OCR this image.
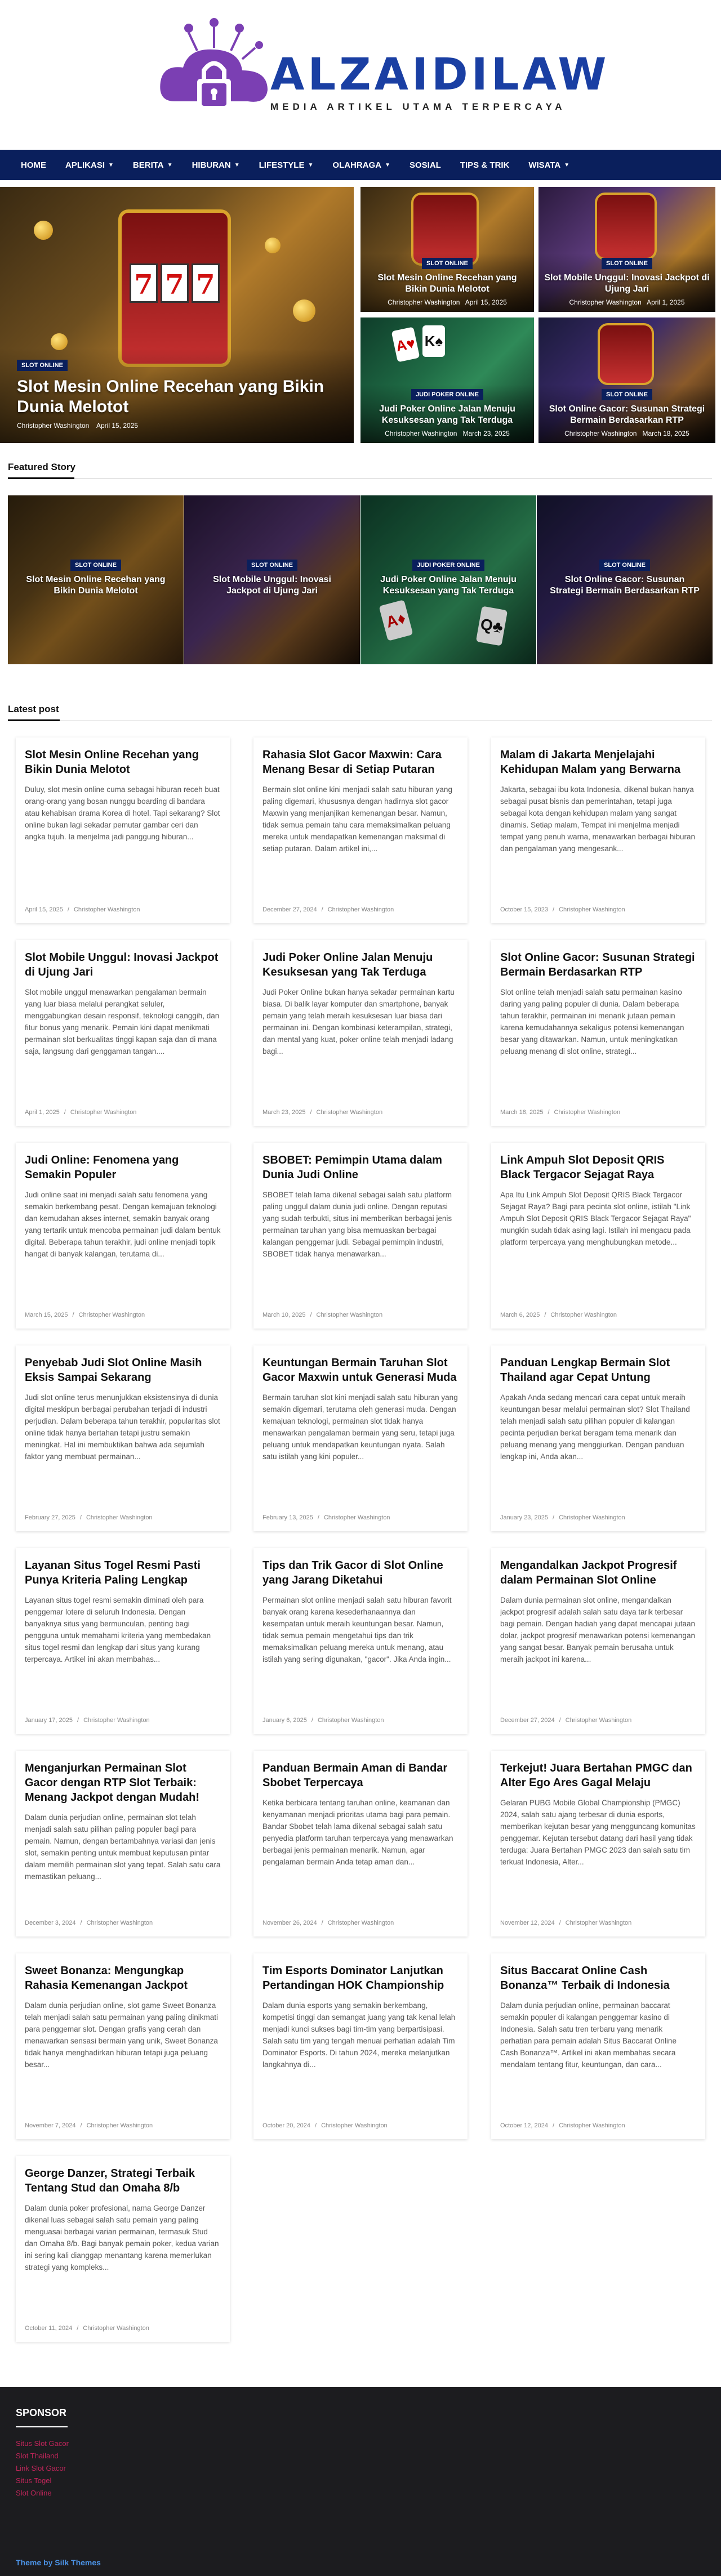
ALZAIDILAW
MEDIA ARTIKEL UTAMA TERPERCAYA
HOME APLIKASI ▼ BERITA ▼ HIBURAN ▼ LIFESTYLE ▼ OLAHRAGA ▼ SOSIAL TIPS & TRIK WISATA ▼
7 7 7
SLOT ONLINE
Slot Mesin Online Recehan yang Bikin Dunia Melotot
Christopher Washington April 15, 2025
SLOT ONLINE
Slot Mesin Online Recehan yang Bikin Dunia Melotot
Christopher Washington April 15, 2025
SLOT ONLINE
Slot Mobile Unggul: Inovasi Jackpot di Ujung Jari
Christopher Washington April 1, 2025
A♥ K♠
JUDI POKER ONLINE
Judi Poker Online Jalan Menuju Kesuksesan yang Tak Terduga
Christopher Washington March 23, 2025
SLOT ONLINE
Slot Online Gacor: Susunan Strategi Bermain Berdasarkan RTP
Christopher Washington March 18, 2025
Featured Story
SLOT ONLINE
Slot Mesin Online Recehan yang Bikin Dunia Melotot
SLOT ONLINE
Slot Mobile Unggul: Inovasi Jackpot di Ujung Jari
A♦	Q♣
JUDI POKER ONLINE
Judi Poker Online Jalan Menuju Kesuksesan yang Tak Terduga
SLOT ONLINE
Slot Online Gacor: Susunan Strategi Bermain Berdasarkan RTP
Latest post
Slot Mesin Online Recehan yang Bikin Dunia Melotot
Duluy, slot mesin online cuma sebagai hiburan receh buat orang-orang yang bosan nunggu boarding di bandara atau kehabisan drama Korea di hotel. Tapi sekarang? Slot online bukan lagi sekadar pemutar gambar ceri dan angka tujuh. Ia menjelma jadi panggung hiburan...
April 15, 2025 / Christopher Washington
Rahasia Slot Gacor Maxwin: Cara Menang Besar di Setiap Putaran
Bermain slot online kini menjadi salah satu hiburan yang paling digemari, khususnya dengan hadirnya slot gacor Maxwin yang menjanjikan kemenangan besar. Namun, tidak semua pemain tahu cara memaksimalkan peluang mereka untuk mendapatkan kemenangan maksimal di setiap putaran. Dalam artikel ini,...
December 27, 2024 / Christopher Washington
Malam di Jakarta Menjelajahi Kehidupan Malam yang Berwarna
Jakarta, sebagai ibu kota Indonesia, dikenal bukan hanya sebagai pusat bisnis dan pemerintahan, tetapi juga sebagai kota dengan kehidupan malam yang sangat dinamis. Setiap malam, Tempat ini menjelma menjadi tempat yang penuh warna, menawarkan berbagai hiburan dan pengalaman yang mengesank...
October 15, 2023 / Christopher Washington
Slot Mobile Unggul: Inovasi Jackpot di Ujung Jari
Slot mobile unggul menawarkan pengalaman bermain yang luar biasa melalui perangkat seluler, menggabungkan desain responsif, teknologi canggih, dan fitur bonus yang menarik. Pemain kini dapat menikmati permainan slot berkualitas tinggi kapan saja dan di mana saja, langsung dari genggaman tangan....
April 1, 2025 / Christopher Washington
Judi Poker Online Jalan Menuju Kesuksesan yang Tak Terduga
Judi Poker Online bukan hanya sekadar permainan kartu biasa. Di balik layar komputer dan smartphone, banyak pemain yang telah meraih kesuksesan luar biasa dari permainan ini. Dengan kombinasi keterampilan, strategi, dan mental yang kuat, poker online telah menjadi ladang bagi...
March 23, 2025 / Christopher Washington
Slot Online Gacor: Susunan Strategi Bermain Berdasarkan RTP
Slot online telah menjadi salah satu permainan kasino daring yang paling populer di dunia. Dalam beberapa tahun terakhir, permainan ini menarik jutaan pemain karena kemudahannya sekaligus potensi kemenangan besar yang ditawarkan. Namun, untuk meningkatkan peluang menang di slot online, strategi...
March 18, 2025 / Christopher Washington
Judi Online: Fenomena yang Semakin Populer
Judi online saat ini menjadi salah satu fenomena yang semakin berkembang pesat. Dengan kemajuan teknologi dan kemudahan akses internet, semakin banyak orang yang tertarik untuk mencoba permainan judi dalam bentuk digital. Beberapa tahun terakhir, judi online menjadi topik hangat di banyak kalangan, terutama di...
March 15, 2025 / Christopher Washington
SBOBET: Pemimpin Utama dalam Dunia Judi Online
SBOBET telah lama dikenal sebagai salah satu platform paling unggul dalam dunia judi online. Dengan reputasi yang sudah terbukti, situs ini memberikan berbagai jenis permainan taruhan yang bisa memuaskan berbagai kalangan penggemar judi. Sebagai pemimpin industri, SBOBET tidak hanya menawarkan...
March 10, 2025 / Christopher Washington
Link Ampuh Slot Deposit QRIS Black Tergacor Sejagat Raya
Apa Itu Link Ampuh Slot Deposit QRIS Black Tergacor Sejagat Raya? Bagi para pecinta slot online, istilah "Link Ampuh Slot Deposit QRIS Black Tergacor Sejagat Raya" mungkin sudah tidak asing lagi. Istilah ini mengacu pada platform terpercaya yang menghubungkan metode...
March 6, 2025 / Christopher Washington
Penyebab Judi Slot Online Masih Eksis Sampai Sekarang
Judi slot online terus menunjukkan eksistensinya di dunia digital meskipun berbagai perubahan terjadi di industri perjudian. Dalam beberapa tahun terakhir, popularitas slot online tidak hanya bertahan tetapi justru semakin meningkat. Hal ini membuktikan bahwa ada sejumlah faktor yang membuat permainan...
February 27, 2025 / Christopher Washington
Keuntungan Bermain Taruhan Slot Gacor Maxwin untuk Generasi Muda
Bermain taruhan slot kini menjadi salah satu hiburan yang semakin digemari, terutama oleh generasi muda. Dengan kemajuan teknologi, permainan slot tidak hanya menawarkan pengalaman bermain yang seru, tetapi juga peluang untuk mendapatkan keuntungan nyata. Salah satu istilah yang kini populer...
February 13, 2025 / Christopher Washington
Panduan Lengkap Bermain Slot Thailand agar Cepat Untung
Apakah Anda sedang mencari cara cepat untuk meraih keuntungan besar melalui permainan slot? Slot Thailand telah menjadi salah satu pilihan populer di kalangan pecinta perjudian berkat beragam tema menarik dan peluang menang yang menggiurkan. Dengan panduan lengkap ini, Anda akan...
January 23, 2025 / Christopher Washington
Layanan Situs Togel Resmi Pasti Punya Kriteria Paling Lengkap
Layanan situs togel resmi semakin diminati oleh para penggemar lotere di seluruh Indonesia. Dengan banyaknya situs yang bermunculan, penting bagi pengguna untuk memahami kriteria yang membedakan situs togel resmi dan lengkap dari situs yang kurang terpercaya. Artikel ini akan membahas...
January 17, 2025 / Christopher Washington
Tips dan Trik Gacor di Slot Online yang Jarang Diketahui
Permainan slot online menjadi salah satu hiburan favorit banyak orang karena kesederhanaannya dan kesempatan untuk meraih keuntungan besar. Namun, tidak semua pemain mengetahui tips dan trik memaksimalkan peluang mereka untuk menang, atau istilah yang sering digunakan, "gacor". Jika Anda ingin...
January 6, 2025 / Christopher Washington
Mengandalkan Jackpot Progresif dalam Permainan Slot Online
Dalam dunia permainan slot online, mengandalkan jackpot progresif adalah salah satu daya tarik terbesar bagi pemain. Dengan hadiah yang dapat mencapai jutaan dolar, jackpot progresif menawarkan potensi kemenangan yang sangat besar. Banyak pemain berusaha untuk meraih jackpot ini karena...
December 27, 2024 / Christopher Washington
Menganjurkan Permainan Slot Gacor dengan RTP Slot Terbaik: Menang Jackpot dengan Mudah!
Dalam dunia perjudian online, permainan slot telah menjadi salah satu pilihan paling populer bagi para pemain. Namun, dengan bertambahnya variasi dan jenis slot, semakin penting untuk membuat keputusan pintar dalam memilih permainan slot yang tepat. Salah satu cara memastikan peluang...
December 3, 2024 / Christopher Washington
Panduan Bermain Aman di Bandar Sbobet Terpercaya
Ketika berbicara tentang taruhan online, keamanan dan kenyamanan menjadi prioritas utama bagi para pemain. Bandar Sbobet telah lama dikenal sebagai salah satu penyedia platform taruhan terpercaya yang menawarkan berbagai jenis permainan menarik. Namun, agar pengalaman bermain Anda tetap aman dan...
November 26, 2024 / Christopher Washington
Terkejut! Juara Bertahan PMGC dan Alter Ego Ares Gagal Melaju
Gelaran PUBG Mobile Global Championship (PMGC) 2024, salah satu ajang terbesar di dunia esports, memberikan kejutan besar yang mengguncang komunitas penggemar. Kejutan tersebut datang dari hasil yang tidak terduga: Juara Bertahan PMGC 2023 dan salah satu tim terkuat Indonesia, Alter...
November 12, 2024 / Christopher Washington
Sweet Bonanza: Mengungkap Rahasia Kemenangan Jackpot
Dalam dunia perjudian online, slot game Sweet Bonanza telah menjadi salah satu permainan yang paling dinikmati para penggemar slot. Dengan grafis yang cerah dan menawarkan sensasi bermain yang unik, Sweet Bonanza tidak hanya menghadirkan hiburan tetapi juga peluang besar...
November 7, 2024 / Christopher Washington
Tim Esports Dominator Lanjutkan Pertandingan HOK Championship
Dalam dunia esports yang semakin berkembang, kompetisi tinggi dan semangat juang yang tak kenal lelah menjadi kunci sukses bagi tim-tim yang berpartisipasi. Salah satu tim yang tengah menuai perhatian adalah Tim Dominator Esports. Di tahun 2024, mereka melanjutkan langkahnya di...
October 20, 2024 / Christopher Washington
Situs Baccarat Online Cash Bonanza™ Terbaik di Indonesia
Dalam dunia perjudian online, permainan baccarat semakin populer di kalangan penggemar kasino di Indonesia. Salah satu tren terbaru yang menarik perhatian para pemain adalah Situs Baccarat Online Cash Bonanza™. Artikel ini akan membahas secara mendalam tentang fitur, keuntungan, dan cara...
October 12, 2024 / Christopher Washington
George Danzer, Strategi Terbaik Tentang Stud dan Omaha 8/b
Dalam dunia poker profesional, nama George Danzer dikenal luas sebagai salah satu pemain yang paling menguasai berbagai varian permainan, termasuk Stud dan Omaha 8/b. Bagi banyak pemain poker, kedua varian ini sering kali dianggap menantang karena memerlukan strategi yang kompleks...
October 11, 2024 / Christopher Washington
SPONSOR
Situs Slot Gacor
Slot Thailand
Link Slot Gacor
Situs Togel
Slot Online
Theme by Silk Themes
